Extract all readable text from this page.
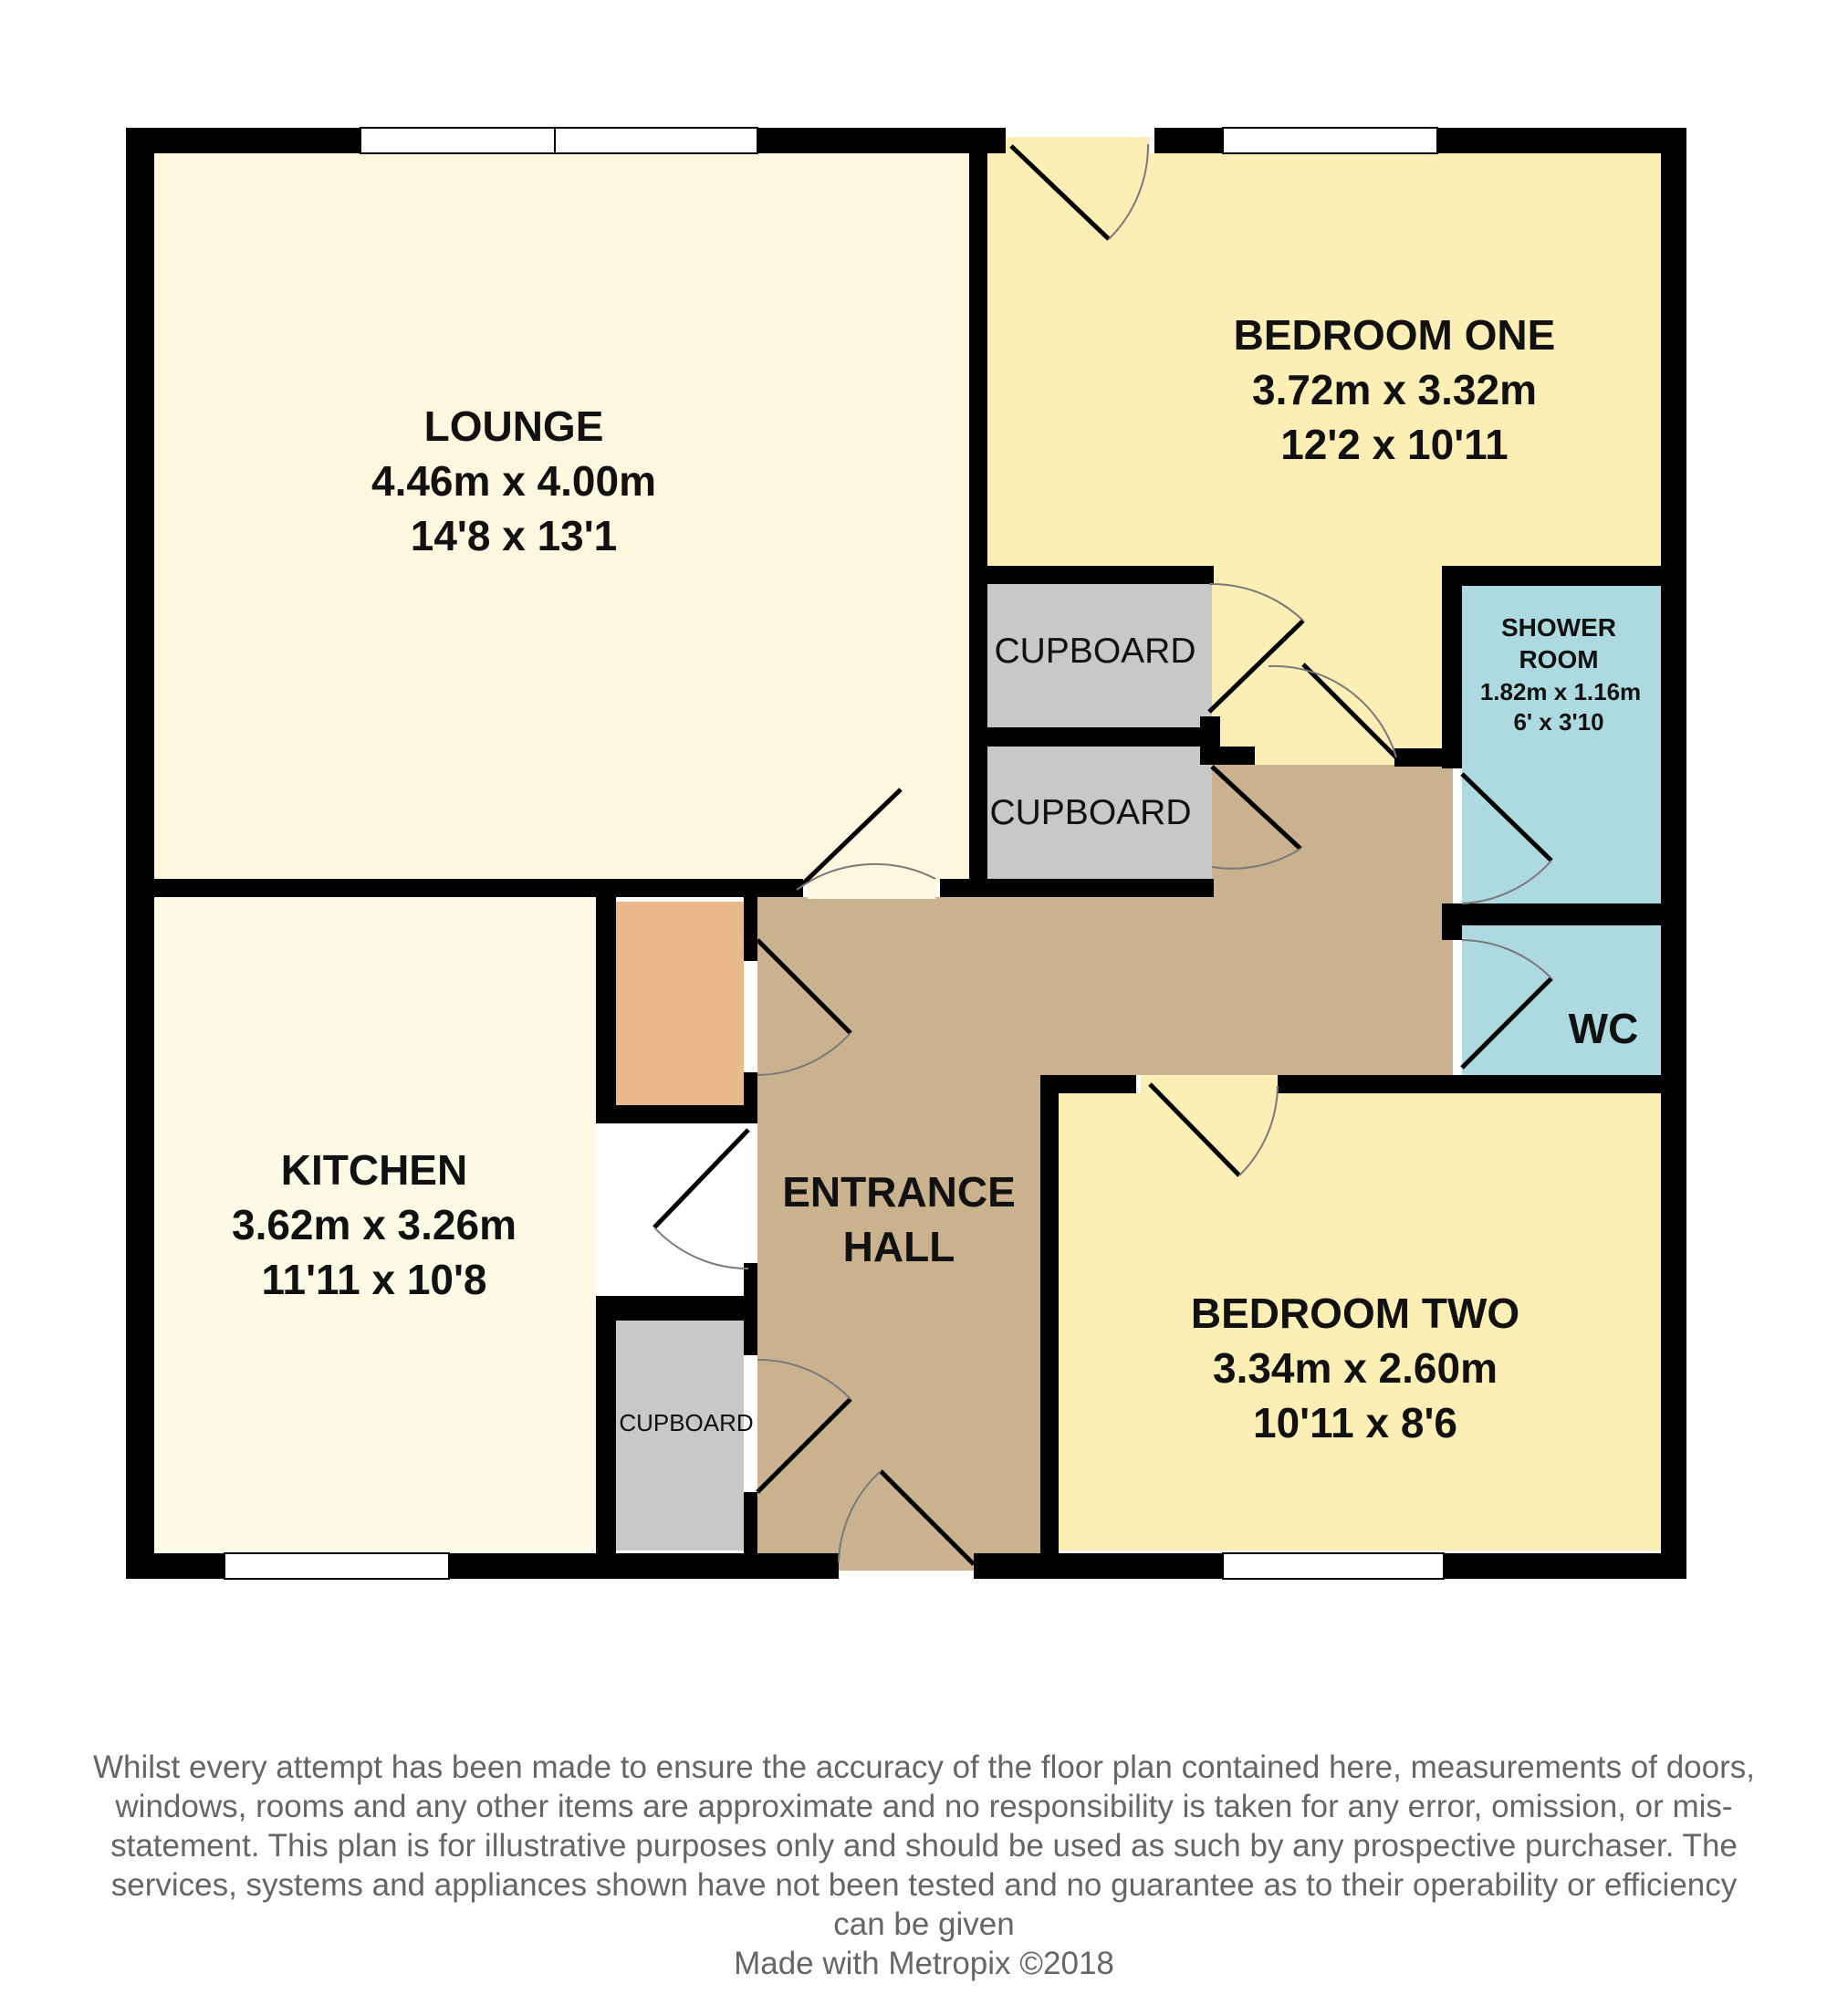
LOUNGE
4.46m x 4.00m
14'8 x 13'1
BEDROOM ONE
3.72m x 3.32m
12'2 x 10'11
KITCHEN
3.62m x 3.26m
11'11 x 10'8
ENTRANCE
HALL
BEDROOM TWO
3.34m x 2.60m
10'11 x 8'6
SHOWER
ROOM
1.82m x 1.16m
6' x 3'10
WC
CUPBOARD
CUPBOARD
CUPBOARD

Whilst every attempt has been made to ensure the accuracy of the floor plan contained here, measurements of doors, windows, rooms and any other items are approximate and no responsibility is taken for any error, omission, or mis-statement. This plan is for illustrative purposes only and should be used as such by any prospective purchaser. The services, systems and appliances shown have not been tested and no guarantee as to their operability or efficiency can be given

Made with Metropix ©2018
